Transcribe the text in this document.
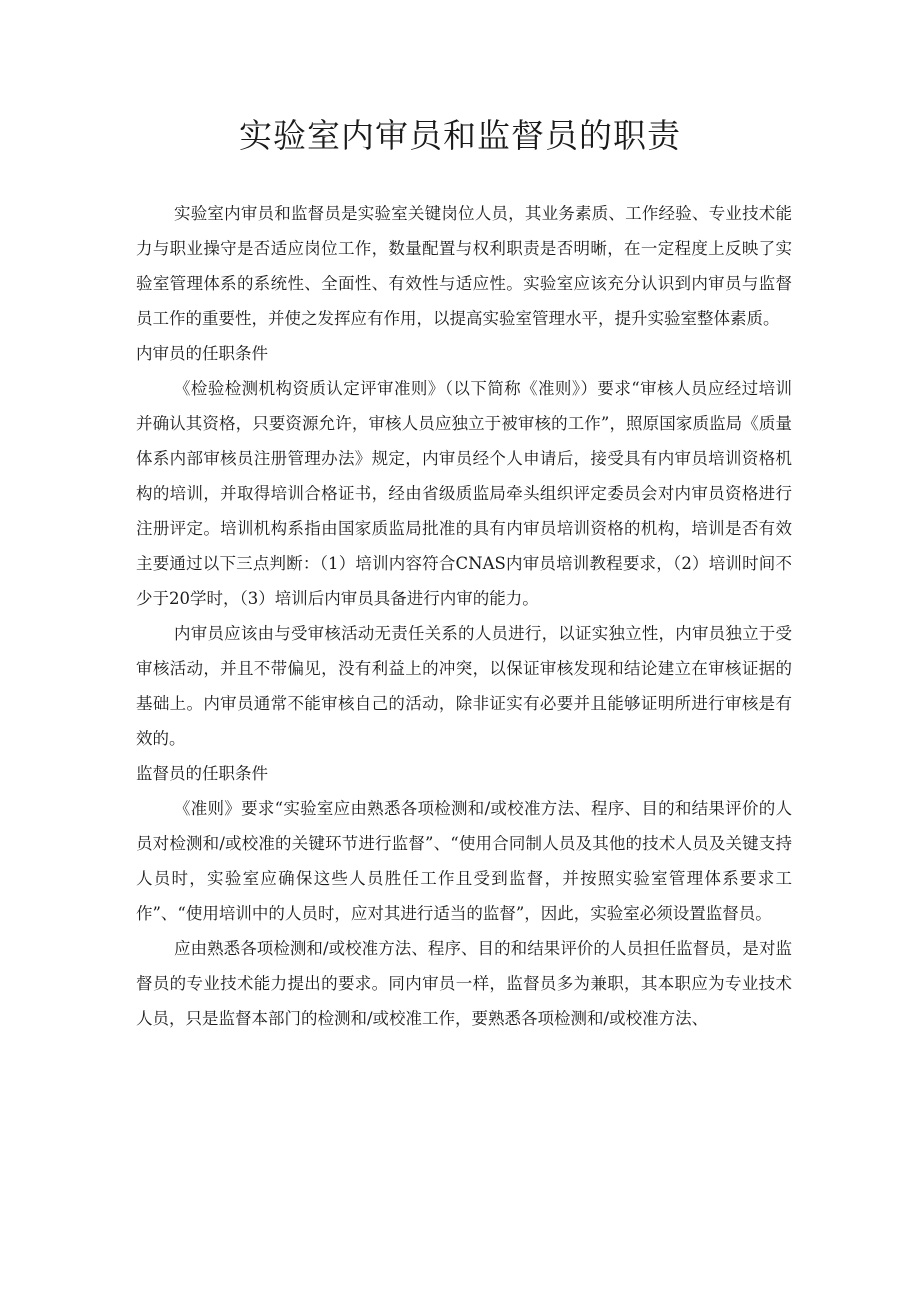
实验室内审员和监督员的职责

实验室内审员和监督员是实验室关键岗位人员，其业务素质、工作经验、专业技术能力与职业操守是否适应岗位工作，数量配置与权利职责是否明晰，在一定程度上反映了实验室管理体系的系统性、全面性、有效性与适应性。实验室应该充分认识到内审员与监督员工作的重要性，并使之发挥应有作用，以提高实验室管理水平，提升实验室整体素质。

内审员的任职条件

《检验检测机构资质认定评审准则》（以下简称《准则》）要求“审核人员应经过培训并确认其资格，只要资源允许，审核人员应独立于被审核的工作”，照原国家质监局《质量体系内部审核员注册管理办法》规定，内审员经个人申请后，接受具有内审员培训资格机构的培训，并取得培训合格证书，经由省级质监局牵头组织评定委员会对内审员资格进行注册评定。培训机构系指由国家质监局批准的具有内审员培训资格的机构，培训是否有效主要通过以下三点判断：（1）培训内容符合CNAS内审员培训教程要求，（2）培训时间不少于20学时，（3）培训后内审员具备进行内审的能力。

内审员应该由与受审核活动无责任关系的人员进行，以证实独立性，内审员独立于受审核活动，并且不带偏见，没有利益上的冲突，以保证审核发现和结论建立在审核证据的基础上。内审员通常不能审核自己的活动，除非证实有必要并且能够证明所进行审核是有效的。

监督员的任职条件

《准则》要求“实验室应由熟悉各项检测和/或校准方法、程序、目的和结果评价的人员对检测和/或校准的关键环节进行监督”、“使用合同制人员及其他的技术人员及关键支持人员时，实验室应确保这些人员胜任工作且受到监督，并按照实验室管理体系要求工作”、“使用培训中的人员时，应对其进行适当的监督”，因此，实验室必须设置监督员。

应由熟悉各项检测和/或校准方法、程序、目的和结果评价的人员担任监督员，是对监督员的专业技术能力提出的要求。同内审员一样，监督员多为兼职，其本职应为专业技术人员，只是监督本部门的检测和/或校准工作，要熟悉各项检测和/或校准方法、
